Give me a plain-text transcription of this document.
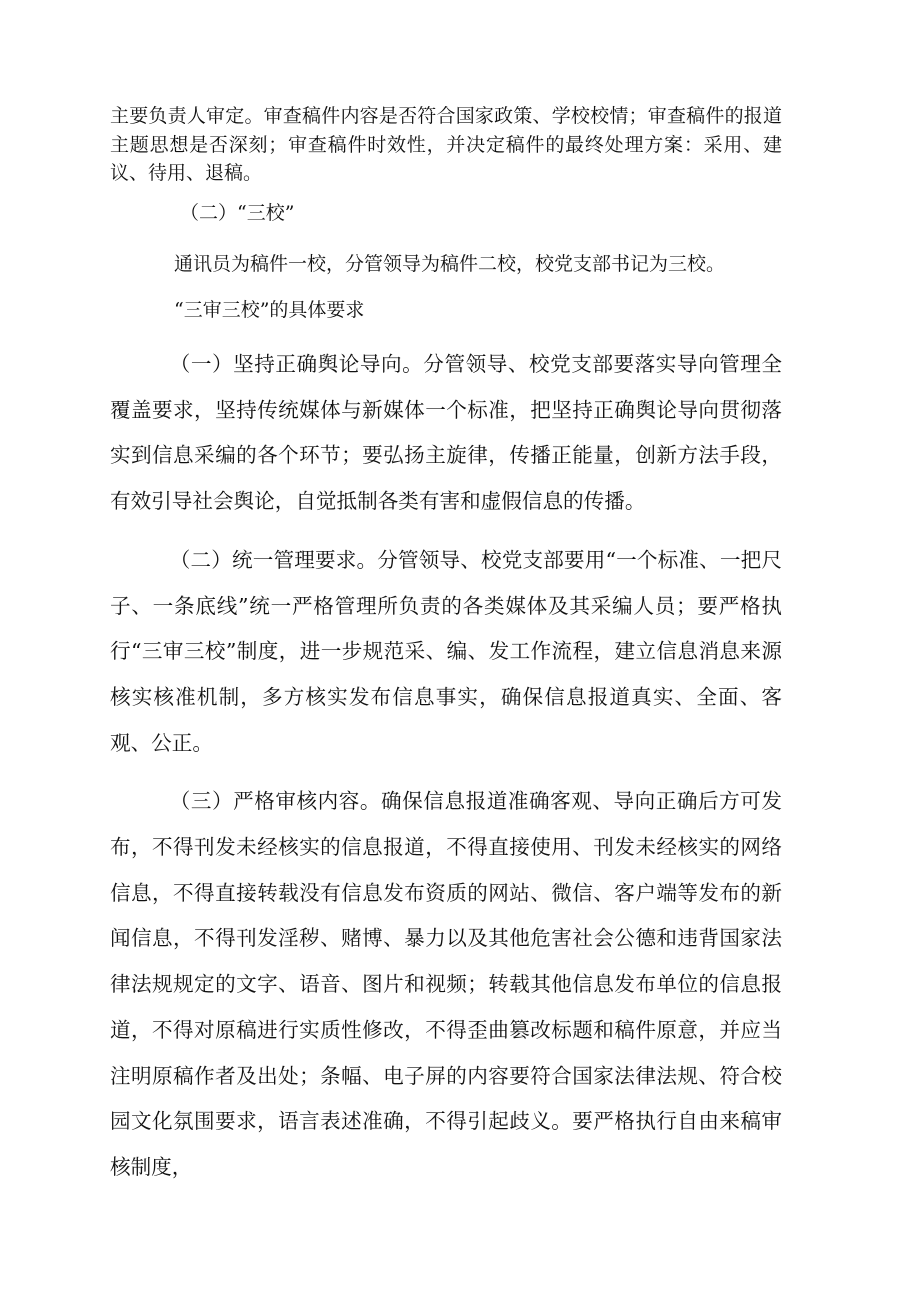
主要负责人审定。审查稿件内容是否符合国家政策、学校校情；审查稿件的报道主题思想是否深刻；审查稿件时效性，并决定稿件的最终处理方案：采用、建议、待用、退稿。

（二）“三校”

通讯员为稿件一校，分管领导为稿件二校，校党支部书记为三校。

“三审三校”的具体要求

（一）坚持正确舆论导向。分管领导、校党支部要落实导向管理全覆盖要求，坚持传统媒体与新媒体一个标准，把坚持正确舆论导向贯彻落实到信息采编的各个环节；要弘扬主旋律，传播正能量，创新方法手段，有效引导社会舆论，自觉抵制各类有害和虚假信息的传播。

（二）统一管理要求。分管领导、校党支部要用“一个标准、一把尺子、一条底线”统一严格管理所负责的各类媒体及其采编人员；要严格执行“三审三校”制度，进一步规范采、编、发工作流程，建立信息消息来源核实核准机制，多方核实发布信息事实，确保信息报道真实、全面、客观、公正。

（三）严格审核内容。确保信息报道准确客观、导向正确后方可发布，不得刊发未经核实的信息报道，不得直接使用、刊发未经核实的网络信息，不得直接转载没有信息发布资质的网站、微信、客户端等发布的新闻信息，不得刊发淫秽、赌博、暴力以及其他危害社会公德和违背国家法律法规规定的文字、语音、图片和视频；转载其他信息发布单位的信息报道，不得对原稿进行实质性修改，不得歪曲篡改标题和稿件原意，并应当注明原稿作者及出处；条幅、电子屏的内容要符合国家法律法规、符合校园文化氛围要求，语言表述准确，不得引起歧义。要严格执行自由来稿审核制度，
